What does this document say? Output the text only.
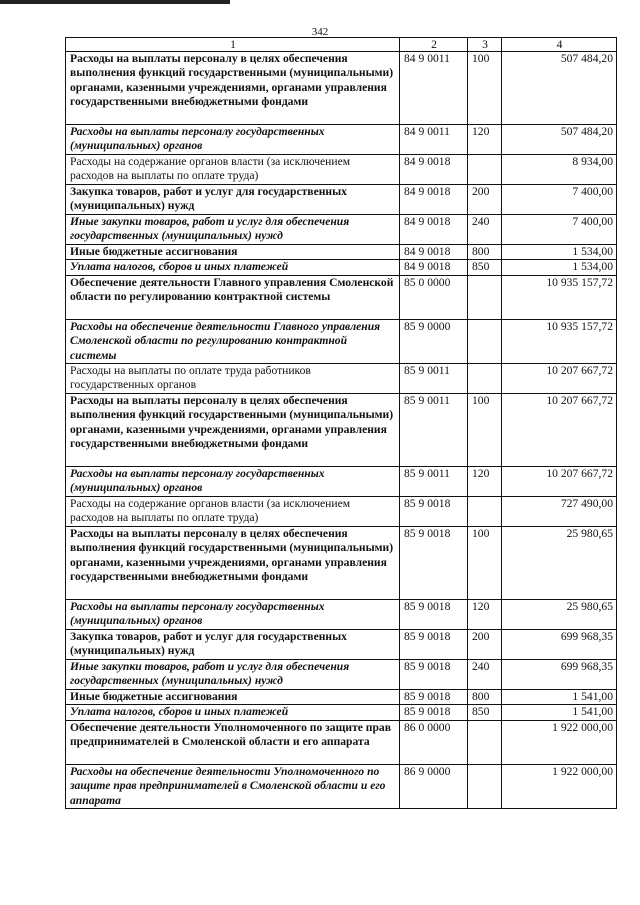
342
1	2	3	4
Расходы на выплаты персоналу в целях обеспечения выполнения функций государственными (муниципальными) органами, казенными учреждениями, органами управления государственными внебюджетными фондами	84 9 0011	100	507 484,20
Расходы на выплаты персоналу государственных (муниципальных) органов	84 9 0011	120	507 484,20
Расходы на содержание органов власти (за исключением расходов на выплаты по оплате труда)	84 9 0018		8 934,00
Закупка товаров, работ и услуг для государственных (муниципальных) нужд	84 9 0018	200	7 400,00
Иные закупки товаров, работ и услуг для обеспечения государственных (муниципальных) нужд	84 9 0018	240	7 400,00
Иные бюджетные ассигнования	84 9 0018	800	1 534,00
Уплата налогов, сборов и иных платежей	84 9 0018	850	1 534,00
Обеспечение деятельности Главного управления Смоленской области по регулированию контрактной системы	85 0 0000		10 935 157,72
Расходы на обеспечение деятельности Главного управления Смоленской области по регулированию контрактной системы	85 9 0000		10 935 157,72
Расходы на выплаты по оплате труда работников государственных органов	85 9 0011		10 207 667,72
Расходы на выплаты персоналу в целях обеспечения выполнения функций государственными (муниципальными) органами, казенными учреждениями, органами управления государственными внебюджетными фондами	85 9 0011	100	10 207 667,72
Расходы на выплаты персоналу государственных (муниципальных) органов	85 9 0011	120	10 207 667,72
Расходы на содержание органов власти (за исключением расходов на выплаты по оплате труда)	85 9 0018		727 490,00
Расходы на выплаты персоналу в целях обеспечения выполнения функций государственными (муниципальными) органами, казенными учреждениями, органами управления государственными внебюджетными фондами	85 9 0018	100	25 980,65
Расходы на выплаты персоналу государственных (муниципальных) органов	85 9 0018	120	25 980,65
Закупка товаров, работ и услуг для государственных (муниципальных) нужд	85 9 0018	200	699 968,35
Иные закупки товаров, работ и услуг для обеспечения государственных (муниципальных) нужд	85 9 0018	240	699 968,35
Иные бюджетные ассигнования	85 9 0018	800	1 541,00
Уплата налогов, сборов и иных платежей	85 9 0018	850	1 541,00
Обеспечение деятельности Уполномоченного по защите прав предпринимателей в Смоленской области и его аппарата	86 0 0000		1 922 000,00
Расходы на обеспечение деятельности Уполномоченного по защите прав предпринимателей в Смоленской области и его аппарата	86 9 0000		1 922 000,00
